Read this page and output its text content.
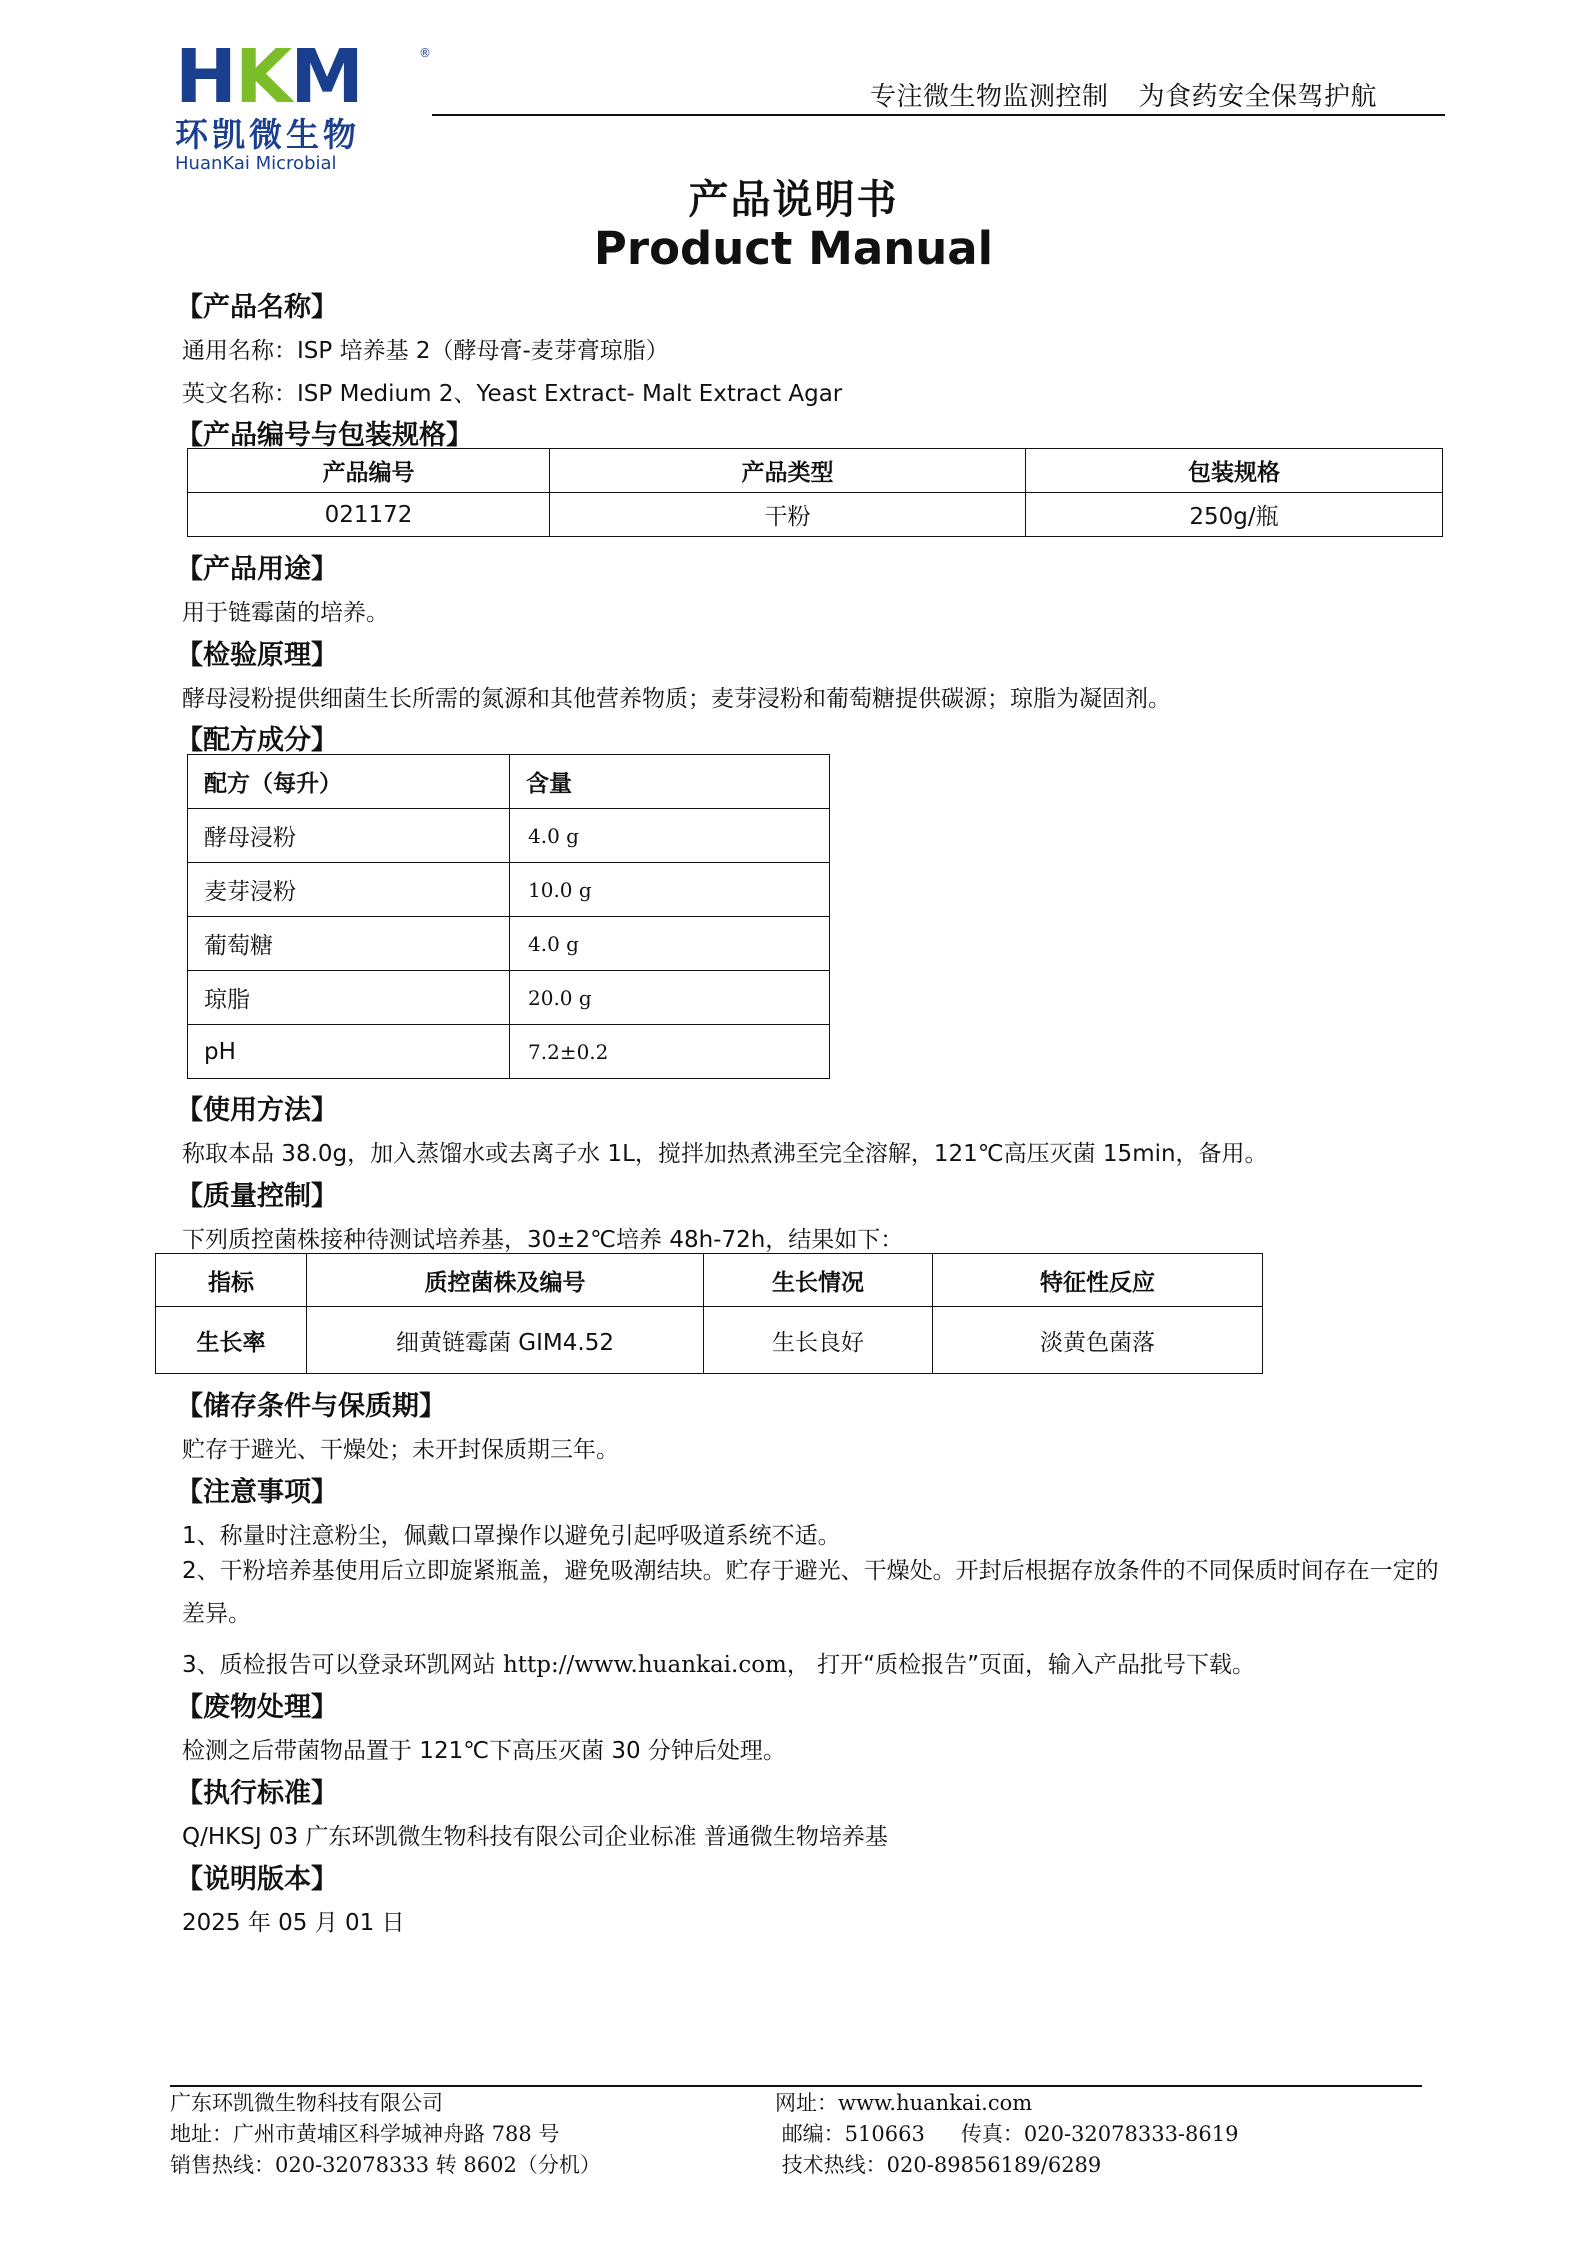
HKM	®
环凯微生物
HuanKai Microbial
专注微生物监测控制 为食药安全保驾护航
产品说明书
Product Manual
【产品名称】
通用名称：ISP 培养基 2（酵母膏-麦芽膏琼脂）
英文名称：ISP Medium 2、Yeast Extract- Malt Extract Agar
【产品编号与包装规格】
产品编号	产品类型	包装规格
021172	干粉	250g/瓶
【产品用途】
用于链霉菌的培养。
【检验原理】
酵母浸粉提供细菌生长所需的氮源和其他营养物质；麦芽浸粉和葡萄糖提供碳源；琼脂为凝固剂。
【配方成分】
配方（每升）	含量
酵母浸粉	4.0 g
麦芽浸粉	10.0 g
葡萄糖	4.0 g
琼脂	20.0 g
pH	7.2±0.2
【使用方法】
称取本品 38.0g，加入蒸馏水或去离子水 1L，搅拌加热煮沸至完全溶解，121℃高压灭菌 15min，备用。
【质量控制】
下列质控菌株接种待测试培养基，30±2℃培养 48h-72h，结果如下：
指标	质控菌株及编号	生长情况	特征性反应
生长率	细黄链霉菌 GIM4.52	生长良好	淡黄色菌落
【储存条件与保质期】
贮存于避光、干燥处；未开封保质期三年。
【注意事项】
1、称量时注意粉尘，佩戴口罩操作以避免引起呼吸道系统不适。
2、干粉培养基使用后立即旋紧瓶盖，避免吸潮结块。贮存于避光、干燥处。开封后根据存放条件的不同保质时间存在一定的差异。
3、质检报告可以登录环凯网站 http://www.huankai.com， 打开“质检报告”页面，输入产品批号下载。
【废物处理】
检测之后带菌物品置于 121℃下高压灭菌 30 分钟后处理。
【执行标准】
Q/HKSJ 03 广东环凯微生物科技有限公司企业标准 普通微生物培养基
【说明版本】
2025 年 05 月 01 日
广东环凯微生物科技有限公司
地址：广州市黄埔区科学城神舟路 788 号
销售热线：020-32078333 转 8602（分机）
网址：www.huankai.com
邮编：510663 传真：020-32078333-8619
技术热线：020-89856189/6289
